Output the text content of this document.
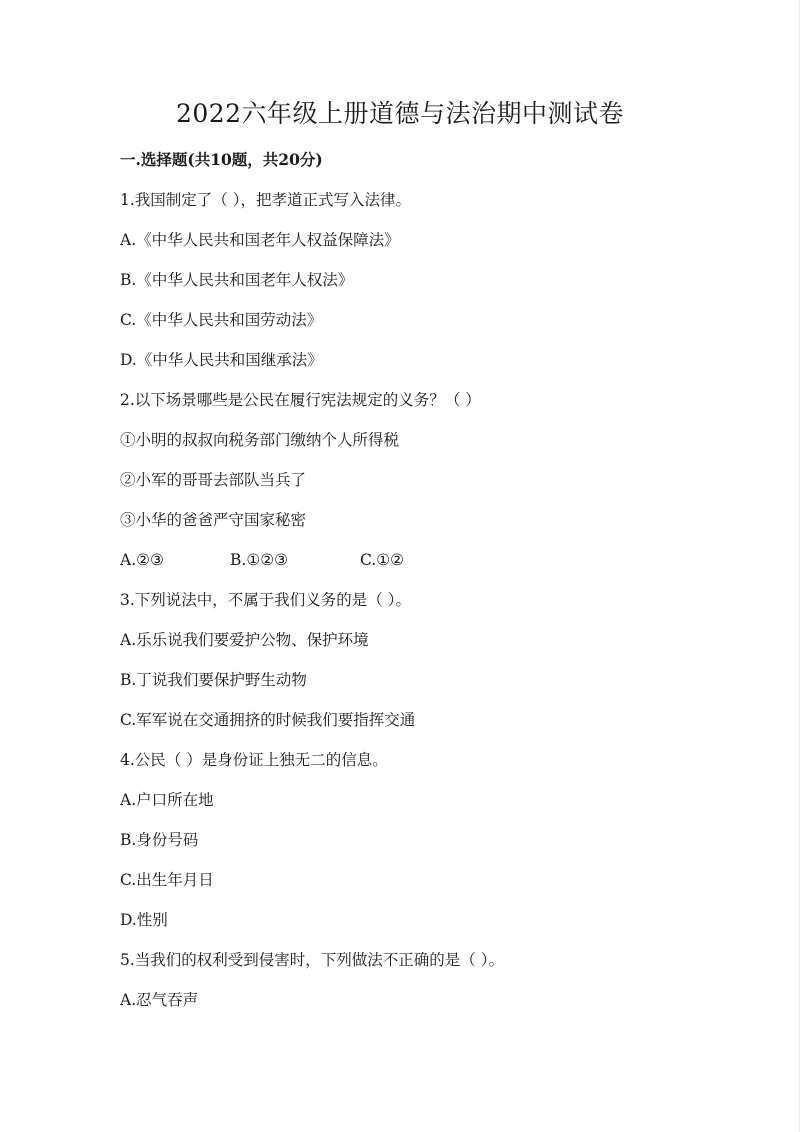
2022六年级上册道德与法治期中测试卷
一.选择题(共10题，共20分)
1.我国制定了（ ），把孝道正式写入法律。
A.《中华人民共和国老年人权益保障法》
B.《中华人民共和国老年人权法》
C.《中华人民共和国劳动法》
D.《中华人民共和国继承法》
2.以下场景哪些是公民在履行宪法规定的义务？（ ）
①小明的叔叔向税务部门缴纳个人所得税
②小军的哥哥去部队当兵了
③小华的爸爸严守国家秘密
A.②③	B.①②③	C.①②
3.下列说法中，不属于我们义务的是（ ）。
A.乐乐说我们要爱护公物、保护环境
B.丁说我们要保护野生动物
C.军军说在交通拥挤的时候我们要指挥交通
4.公民（ ）是身份证上独无二的信息。
A.户口所在地
B.身份号码
C.出生年月日
D.性别
5.当我们的权利受到侵害时，下列做法不正确的是（ ）。
A.忍气吞声
